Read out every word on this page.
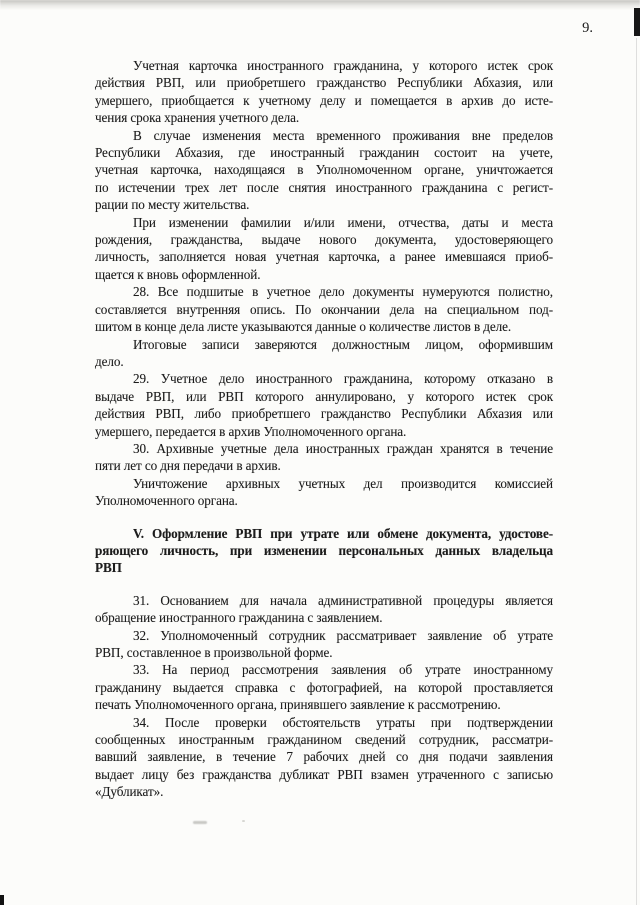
9.
Учетная карточка иностранного гражданина, у которого истек срок
действия РВП, или приобретшего гражданство Республики Абхазия, или
умершего, приобщается к учетному делу и помещается в архив до исте-
чения срока хранения учетного дела.
В случае изменения места временного проживания вне пределов
Республики Абхазия, где иностранный гражданин состоит на учете,
учетная карточка, находящаяся в Уполномоченном органе, уничтожается
по истечении трех лет после снятия иностранного гражданина с регист-
рации по месту жительства.
При изменении фамилии и/или имени, отчества, даты и места
рождения, гражданства, выдаче нового документа, удостоверяющего
личность, заполняется новая учетная карточка, а ранее имевшаяся приоб-
щается к вновь оформленной.
28. Все подшитые в учетное дело документы нумеруются полистно,
составляется внутренняя опись. По окончании дела на специальном под-
шитом в конце дела листе указываются данные о количестве листов в деле.
Итоговые записи заверяются должностным лицом, оформившим
дело.
29. Учетное дело иностранного гражданина, которому отказано в
выдаче РВП, или РВП которого аннулировано, у которого истек срок
действия РВП, либо приобретшего гражданство Республики Абхазия или
умершего, передается в архив Уполномоченного органа.
30. Архивные учетные дела иностранных граждан хранятся в течение
пяти лет со дня передачи в архив.
Уничтожение архивных учетных дел производится комиссией
Уполномоченного органа.
V. Оформление РВП при утрате или обмене документа, удостове-
ряющего личность, при изменении персональных данных владельца
РВП
31. Основанием для начала административной процедуры является
обращение иностранного гражданина с заявлением.
32. Уполномоченный сотрудник рассматривает заявление об утрате
РВП, составленное в произвольной форме.
33. На период рассмотрения заявления об утрате иностранному
гражданину выдается справка с фотографией, на которой проставляется
печать Уполномоченного органа, принявшего заявление к рассмотрению.
34. После проверки обстоятельств утраты при подтверждении
сообщенных иностранным гражданином сведений сотрудник, рассматри-
вавший заявление, в течение 7 рабочих дней со дня подачи заявления
выдает лицу без гражданства дубликат РВП взамен утраченного с записью
«Дубликат».
